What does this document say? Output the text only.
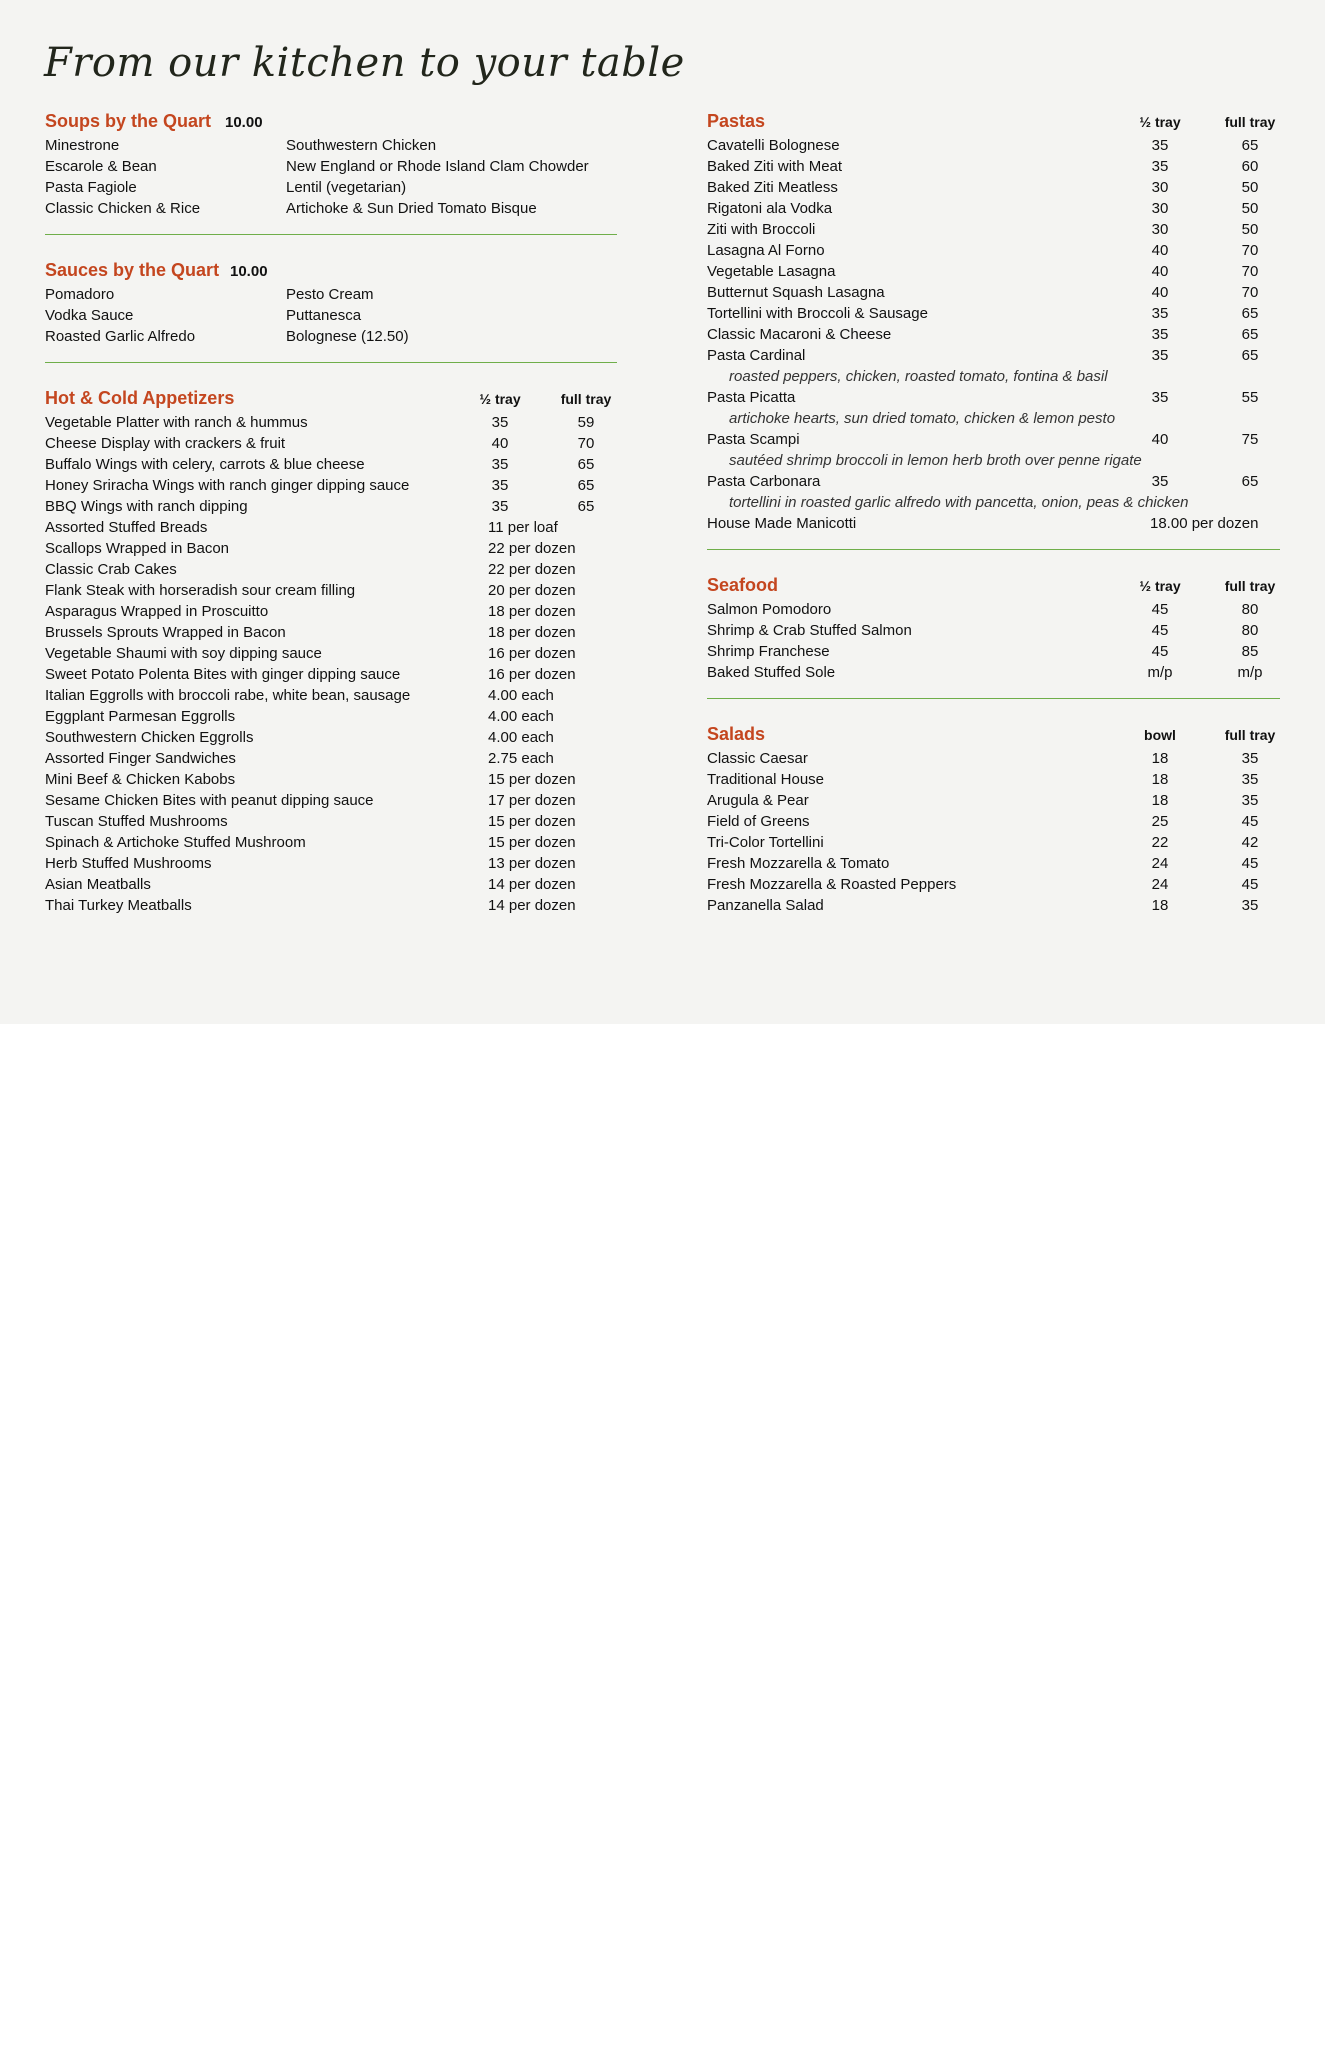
From our kitchen to your table
Soups by the Quart 10.00
Minestrone	Southwestern Chicken
Escarole & Bean	New England or Rhode Island Clam Chowder
Pasta Fagiole	Lentil (vegetarian)
Classic Chicken & Rice	Artichoke & Sun Dried Tomato Bisque
Sauces by the Quart 10.00
Pomadoro	Pesto Cream
Vodka Sauce	Puttanesca
Roasted Garlic Alfredo	Bolognese (12.50)
Hot & Cold Appetizers	½ tray	full tray
Vegetable Platter with ranch & hummus	35	59
Cheese Display with crackers & fruit	40	70
Buffalo Wings with celery, carrots & blue cheese	35	65
Honey Sriracha Wings with ranch ginger dipping sauce	35	65
BBQ Wings with ranch dipping	35	65
Assorted Stuffed Breads	11 per loaf
Scallops Wrapped in Bacon	22 per dozen
Classic Crab Cakes	22 per dozen
Flank Steak with horseradish sour cream filling	20 per dozen
Asparagus Wrapped in Proscuitto	18 per dozen
Brussels Sprouts Wrapped in Bacon	18 per dozen
Vegetable Shaumi with soy dipping sauce	16 per dozen
Sweet Potato Polenta Bites with ginger dipping sauce	16 per dozen
Italian Eggrolls with broccoli rabe, white bean, sausage	4.00 each
Eggplant Parmesan Eggrolls	4.00 each
Southwestern Chicken Eggrolls	4.00 each
Assorted Finger Sandwiches	2.75 each
Mini Beef & Chicken Kabobs	15 per dozen
Sesame Chicken Bites with peanut dipping sauce	17 per dozen
Tuscan Stuffed Mushrooms	15 per dozen
Spinach & Artichoke Stuffed Mushroom	15 per dozen
Herb Stuffed Mushrooms	13 per dozen
Asian Meatballs	14 per dozen
Thai Turkey Meatballs	14 per dozen
Pastas	½ tray	full tray
Cavatelli Bolognese	35	65
Baked Ziti with Meat	35	60
Baked Ziti Meatless	30	50
Rigatoni ala Vodka	30	50
Ziti with Broccoli	30	50
Lasagna Al Forno	40	70
Vegetable Lasagna	40	70
Butternut Squash Lasagna	40	70
Tortellini with Broccoli & Sausage	35	65
Classic Macaroni & Cheese	35	65
Pasta Cardinal	35	65
roasted peppers, chicken, roasted tomato, fontina & basil
Pasta Picatta	35	55
artichoke hearts, sun dried tomato, chicken & lemon pesto
Pasta Scampi	40	75
sautéed shrimp broccoli in lemon herb broth over penne rigate
Pasta Carbonara	35	65
tortellini in roasted garlic alfredo with pancetta, onion, peas & chicken
House Made Manicotti	18.00 per dozen
Seafood	½ tray	full tray
Salmon Pomodoro	45	80
Shrimp & Crab Stuffed Salmon	45	80
Shrimp Franchese	45	85
Baked Stuffed Sole	m/p	m/p
Salads	bowl	full tray
Classic Caesar	18	35
Traditional House	18	35
Arugula & Pear	18	35
Field of Greens	25	45
Tri-Color Tortellini	22	42
Fresh Mozzarella & Tomato	24	45
Fresh Mozzarella & Roasted Peppers	24	45
Panzanella Salad	18	35
